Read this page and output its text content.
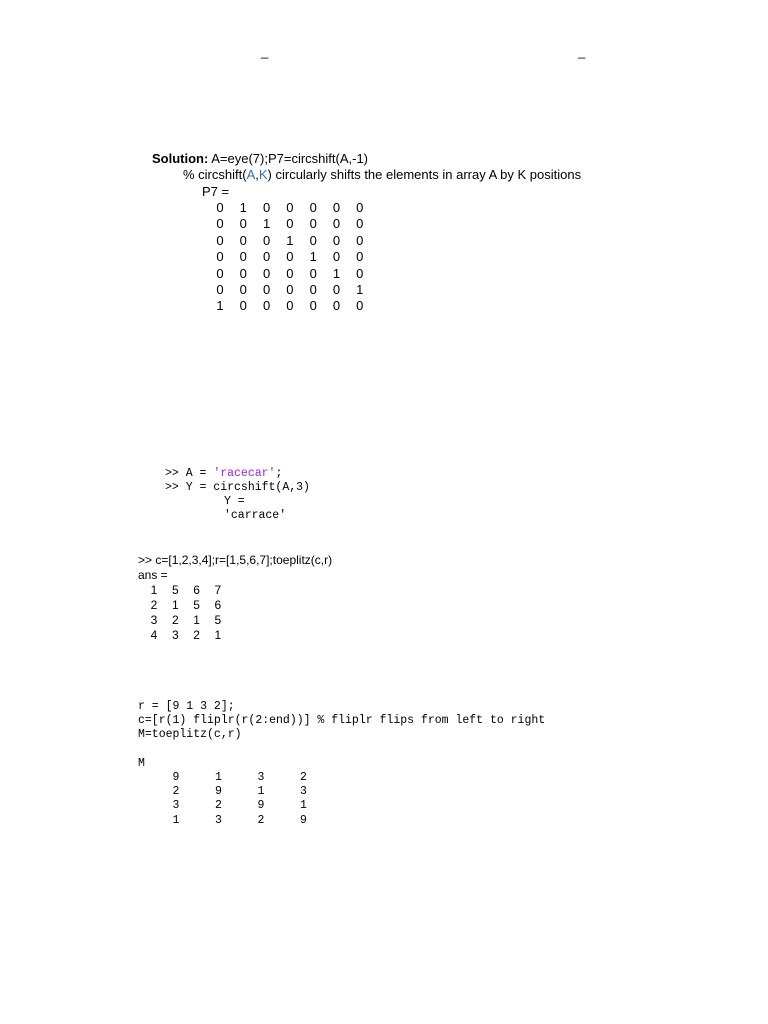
_	_
Solution: A=eye(7);P7=circshift(A,-1)
% circshift(A,K) circularly shifts the elements in array A by K positions
P7 =
0	1	0	0	0	0	0
0	0	1	0	0	0	0
0	0	0	1	0	0	0
0	0	0	0	1	0	0
0	0	0	0	0	1	0
0	0	0	0	0	0	1
1	0	0	0	0	0	0
>> A = 'racecar';
>> Y = circshift(A,3)
Y =
'carrace'
>> c=[1,2,3,4];r=[1,5,6,7];toeplitz(c,r)
ans =
1	5	6	7
2	1	5	6
3	2	1	5
4	3	2	1
r = [9 1 3 2];
c=[r(1) fliplr(r(2:end))] % fliplr flips from left to right
M=toeplitz(c,r)
M
9	1	3	2
2	9	1	3
3	2	9	1
1	3	2	9
